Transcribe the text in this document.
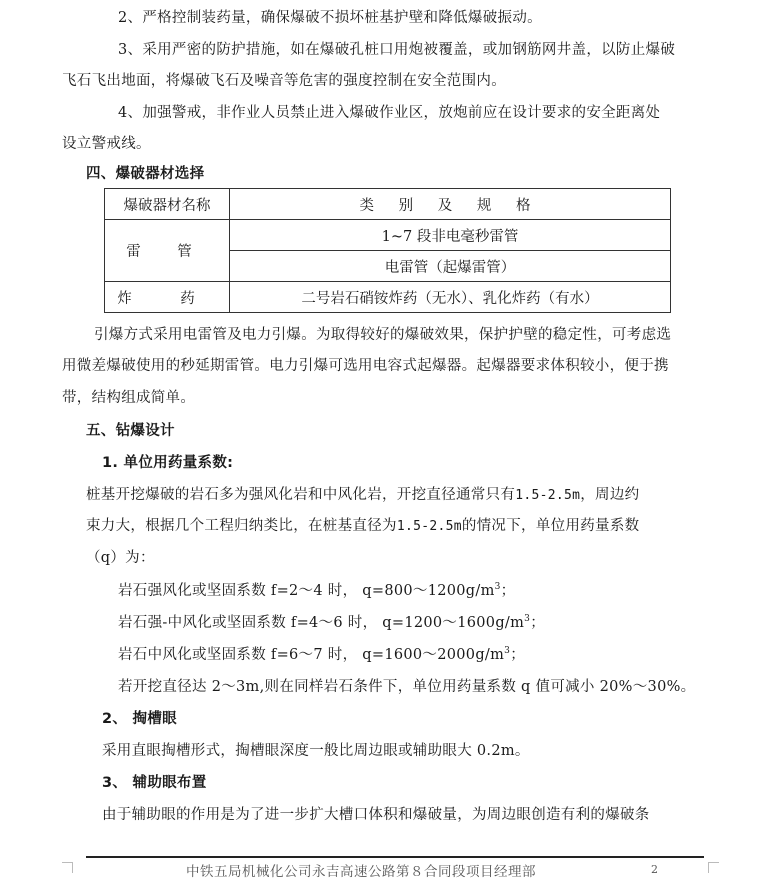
2、严格控制装药量，确保爆破不损坏桩基护壁和降低爆破振动。
3、采用严密的防护措施，如在爆破孔桩口用炮被覆盖，或加钢筋网井盖，以防止爆破
飞石飞出地面，将爆破飞石及噪音等危害的强度控制在安全范围内。
4、加强警戒，非作业人员禁止进入爆破作业区，放炮前应在设计要求的安全距离处
设立警戒线。
四、爆破器材选择
爆破器材名称	类 别 及 规 格
雷 管	1~7 段非电毫秒雷管
	电雷管（起爆雷管）
炸 药	二号岩石硝铵炸药（无水）、乳化炸药（有水）
引爆方式采用电雷管及电力引爆。为取得较好的爆破效果，保护护壁的稳定性，可考虑选
用微差爆破使用的秒延期雷管。电力引爆可选用电容式起爆器。起爆器要求体积较小，便于携
带，结构组成简单。
五、钻爆设计
1. 单位用药量系数:
桩基开挖爆破的岩石多为强风化岩和中风化岩，开挖直径通常只有1.5-2.5m，周边约
束力大，根据几个工程归纳类比，在桩基直径为1.5-2.5m的情况下，单位用药量系数
（q）为：
岩石强风化或坚固系数 f=2～4 时， $q=800\sim 1200g/m^3$；
岩石强-中风化或坚固系数 f=4～6 时， $q=1200\sim 1600g/m^3$；
岩石中风化或坚固系数 f=6～7 时， $q=1600\sim 2000g/m^3$；
若开挖直径达 2～3m,则在同样岩石条件下，单位用药量系数 q 值可减小 20%～30%。
2、 掏槽眼
采用直眼掏槽形式，掏槽眼深度一般比周边眼或辅助眼大 0.2m。
3、 辅助眼布置
由于辅助眼的作用是为了进一步扩大槽口体积和爆破量，为周边眼创造有利的爆破条
中铁五局机械化公司永吉高速公路第８合同段项目经理部	2
